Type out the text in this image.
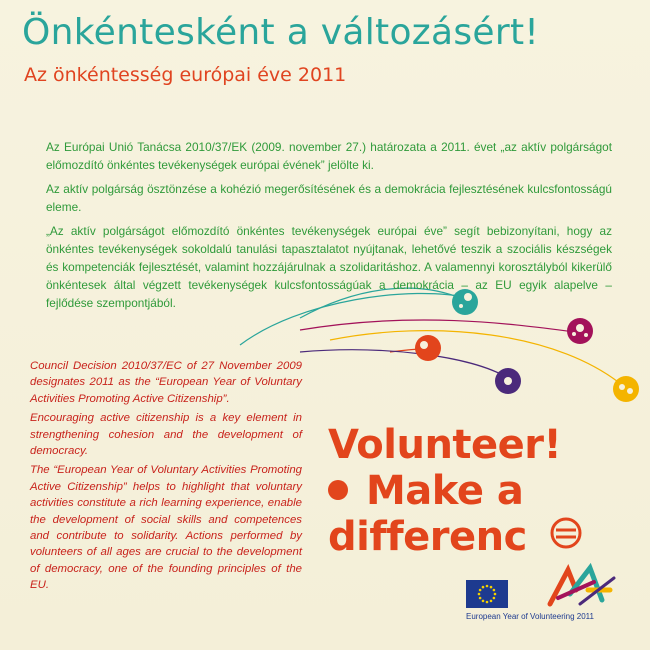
Önkéntesként a változásért!
Az önkéntesség európai éve 2011

Az Európai Unió Tanácsa 2010/37/EK (2009. november 27.) határozata a 2011. évet „az aktív polgárságot előmozdító önkéntes tevékenységek európai évének” jelölte ki.

Az aktív polgárság ösztönzése a kohézió megerősítésének és a demokrácia fejlesztésének kulcsfontosságú eleme.

„Az aktív polgárságot előmozdító önkéntes tevékenységek európai éve” segít bebizonyítani, hogy az önkéntes tevékenységek sokoldalú tanulási tapasztalatot nyújtanak, lehetővé teszik a szociális készségek és kompetenciák fejlesztését, valamint hozzájárulnak a szolidaritáshoz. A valamennyi korosztályból kikerülő önkéntesek által végzett tevékenységek kulcsfontosságúak a demokrácia – az EU egyik alapelve – fejlődése szempontjából.

Council Decision 2010/37/EC of 27 November 2009 designates 2011 as the “European Year of Voluntary Activities Promoting Active Citizenship”.

Encouraging active citizenship is a key element in strengthening cohesion and the development of democracy.

The “European Year of Voluntary Activities Promoting Active Citizenship” helps to highlight that voluntary activities constitute a rich learning experience, enable the development of social skills and competences and contribute to solidarity. Actions performed by volunteers of all ages are crucial to the development of democracy, one of the founding principles of the EU.

Volunteer!
Make a
differenc
European Year of Volunteering 2011
